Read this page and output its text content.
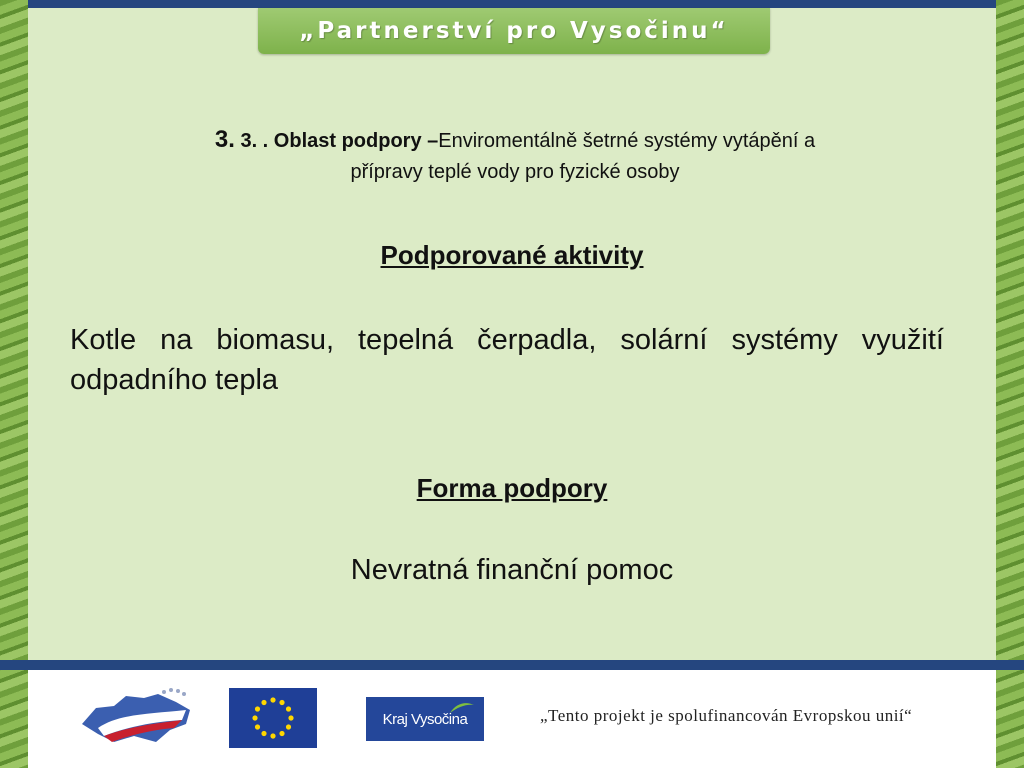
„Partnerství pro Vysočinu“
3. 3. . Oblast podpory –Enviromentálně šetrné systémy vytápění a
přípravy teplé vody pro fyzické osoby
Podporované aktivity
Kotle na biomasu, tepelná čerpadla, solární systémy využití odpadního tepla
Forma podpory
Nevratná finanční pomoc
Kraj Vysočina	„Tento projekt je spolufinancován Evropskou unií“
